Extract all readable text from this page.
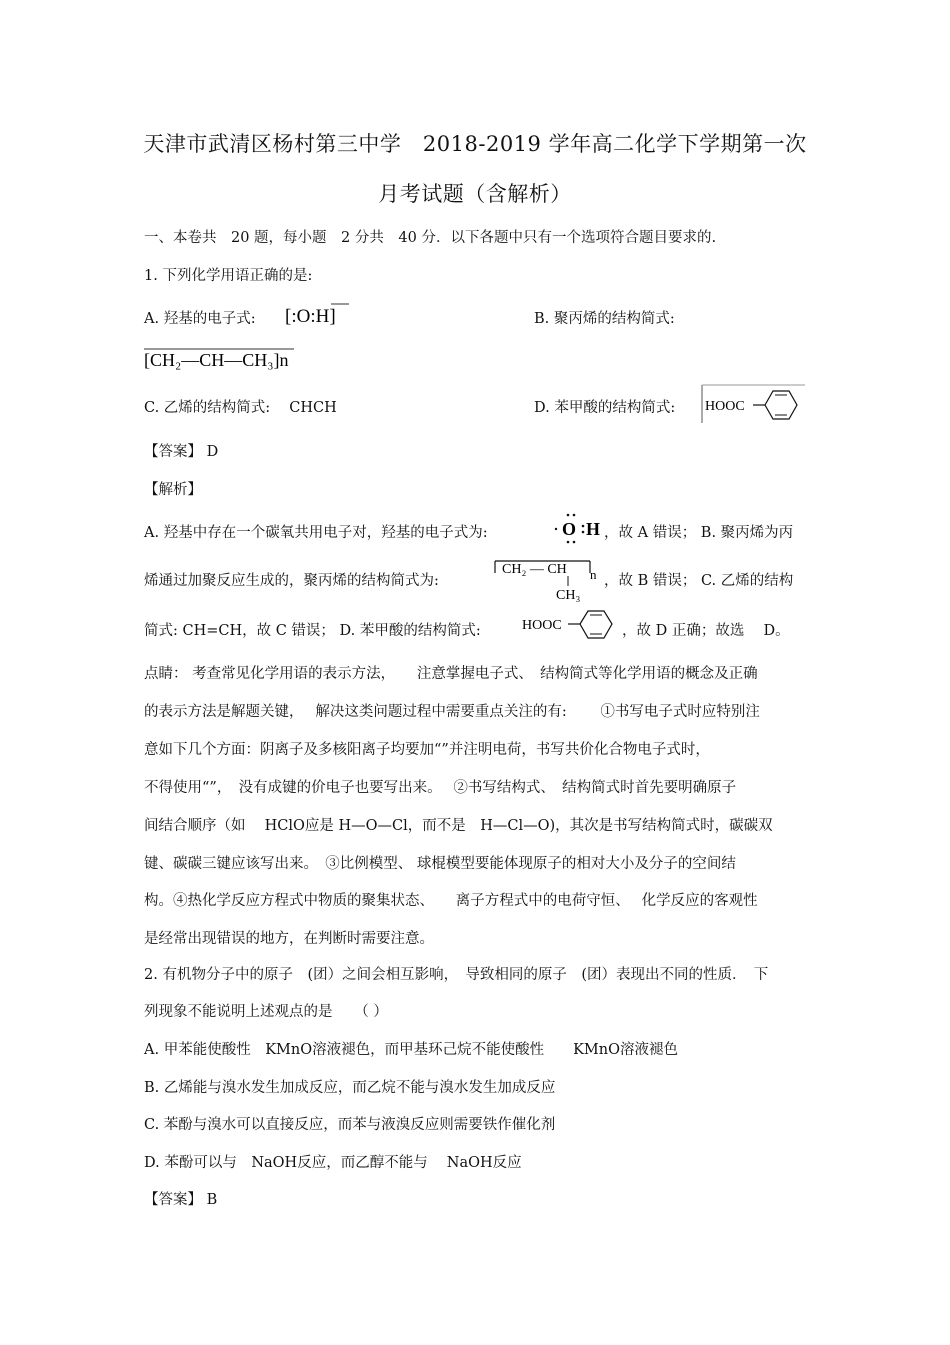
天津市武清区杨村第三中学　2018-2019 学年高二化学下学期第一次
月考试题（含解析）
一、本卷共　20 题，每小题　2 分共　40 分．以下各题中只有一个选项符合题目要求的.
1. 下列化学用语正确的是:
A. 羟基的电子式: [:O:H]	B. 聚丙烯的结构简式:
[CH₂—CH—CH₃]n
C. 乙烯的结构简式:　 CHCH	D. 苯甲酸的结构简式: HOOC
【答案】 D
【解析】
A. 羟基中存在一个碳氧共用电子对，羟基的电子式为:	O H ，故 A 错误； B. 聚丙烯为丙
烯通过加聚反应生成的，聚丙烯的结构简式为:
CH₂ — CH n
CH₃
，故 B 错误； C. 乙烯的结构
简式: CH=CH，故 C 错误； D. 苯甲酸的结构简式:	HOOC	，故 D 正确；故选　 D。
点睛： 考查常见化学用语的表示方法，　　注意掌握电子式、　结构简式等化学用语的概念及正确
的表示方法是解题关键，　 解决这类问题过程中需要重点关注的有:　　 ①书写电子式时应特别注
意如下几个方面：阴离子及多核阳离子均要加“”并注明电荷，书写共价化合物电子式时，
不得使用“”，　没有成键的价电子也要写出来。　 ②书写结构式、　结构简式时首先要明确原子
间结合顺序（如　 HClO应是 H—O—Cl，而不是　H—Cl—O)，其次是书写结构简式时，碳碳双
键、碳碳三键应该写出来。　③比例模型、 球棍模型要能体现原子的相对大小及分子的空间结
构。④热化学反应方程式中物质的聚集状态、　　离子方程式中的电荷守恒、　 化学反应的客观性
是经常出现错误的地方，在判断时需要注意。
2. 有机物分子中的原子　(团）之间会相互影响，　导致相同的原子　(团）表现出不同的性质．　下
列现象不能说明上述观点的是　　（ ）
A. 甲苯能使酸性　KMnO溶液褪色，而甲基环己烷不能使酸性　　KMnO溶液褪色
B. 乙烯能与溴水发生加成反应，而乙烷不能与溴水发生加成反应
C. 苯酚与溴水可以直接反应，而苯与液溴反应则需要铁作催化剂
D. 苯酚可以与　NaOH反应，而乙醇不能与　 NaOH反应
【答案】 B
